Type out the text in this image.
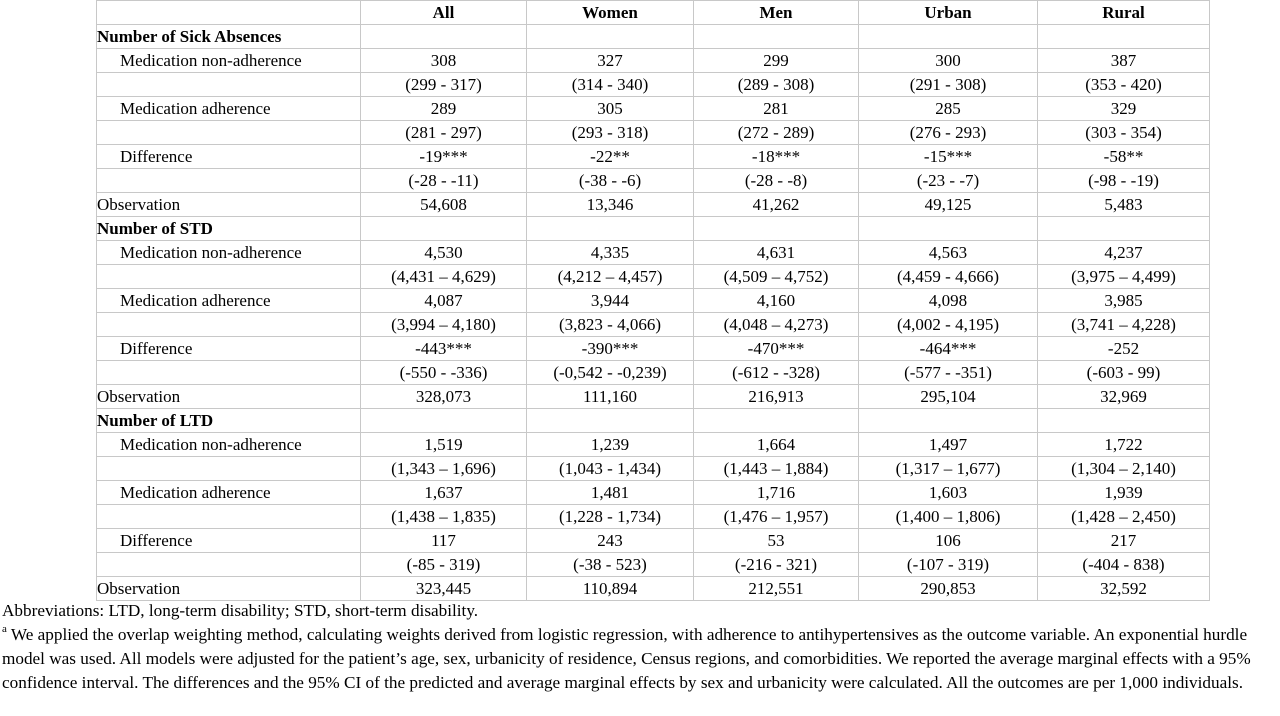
	All	Women	Men	Urban	Rural
Number of Sick Absences					
Medication non-adherence	308	327	299	300	387
	(299 - 317)	(314 - 340)	(289 - 308)	(291 - 308)	(353 - 420)
Medication adherence	289	305	281	285	329
	(281 - 297)	(293 - 318)	(272 - 289)	(276 - 293)	(303 - 354)
Difference	-19***	-22**	-18***	-15***	-58**
	(-28 - -11)	(-38 - -6)	(-28 - -8)	(-23 - -7)	(-98 - -19)
Observation	54,608	13,346	41,262	49,125	5,483
Number of STD					
Medication non-adherence	4,530	4,335	4,631	4,563	4,237
	(4,431 – 4,629)	(4,212 – 4,457)	(4,509 – 4,752)	(4,459 - 4,666)	(3,975 – 4,499)
Medication adherence	4,087	3,944	4,160	4,098	3,985
	(3,994 – 4,180)	(3,823 - 4,066)	(4,048 – 4,273)	(4,002 - 4,195)	(3,741 – 4,228)
Difference	-443***	-390***	-470***	-464***	-252
	(-550 - -336)	(-0,542 - -0,239)	(-612 - -328)	(-577 - -351)	(-603 - 99)
Observation	328,073	111,160	216,913	295,104	32,969
Number of LTD					
Medication non-adherence	1,519	1,239	1,664	1,497	1,722
	(1,343 – 1,696)	(1,043 - 1,434)	(1,443 – 1,884)	(1,317 – 1,677)	(1,304 – 2,140)
Medication adherence	1,637	1,481	1,716	1,603	1,939
	(1,438 – 1,835)	(1,228 - 1,734)	(1,476 – 1,957)	(1,400 – 1,806)	(1,428 – 2,450)
Difference	117	243	53	106	217
	(-85 - 319)	(-38 - 523)	(-216 - 321)	(-107 - 319)	(-404 - 838)
Observation	323,445	110,894	212,551	290,853	32,592

Abbreviations: LTD, long-term disability; STD, short-term disability.

$^a$ We applied the overlap weighting method, calculating weights derived from logistic regression, with adherence to antihypertensives as the outcome variable. An exponential hurdle model was used. All models were adjusted for the patient’s age, sex, urbanicity of residence, Census regions, and comorbidities. We reported the average marginal effects with a 95% confidence interval. The differences and the 95% CI of the predicted and average marginal effects by sex and urbanicity were calculated. All the outcomes are per 1,000 individuals.
